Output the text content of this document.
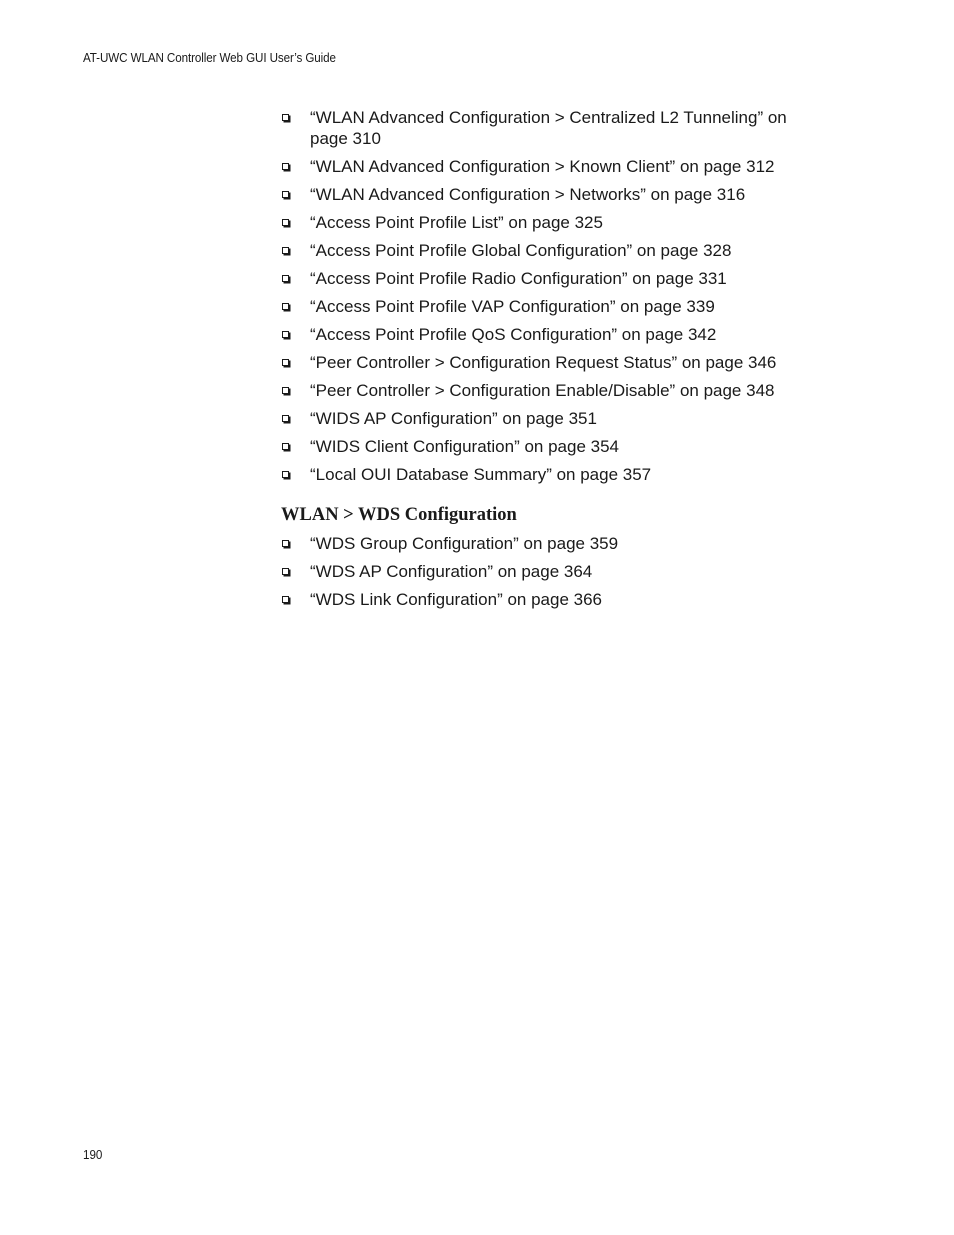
AT-UWC WLAN Controller Web GUI User’s Guide
“WLAN Advanced Configuration > Centralized L2 Tunneling” on page 310
“WLAN Advanced Configuration > Known Client” on page 312
“WLAN Advanced Configuration > Networks” on page 316
“Access Point Profile List” on page 325
“Access Point Profile Global Configuration” on page 328
“Access Point Profile Radio Configuration” on page 331
“Access Point Profile VAP Configuration” on page 339
“Access Point Profile QoS Configuration” on page 342
“Peer Controller > Configuration Request Status” on page 346
“Peer Controller > Configuration Enable/Disable” on page 348
“WIDS AP Configuration” on page 351
“WIDS Client Configuration” on page 354
“Local OUI Database Summary” on page 357
WLAN > WDS Configuration
“WDS Group Configuration” on page 359
“WDS AP Configuration” on page 364
“WDS Link Configuration” on page 366
190
